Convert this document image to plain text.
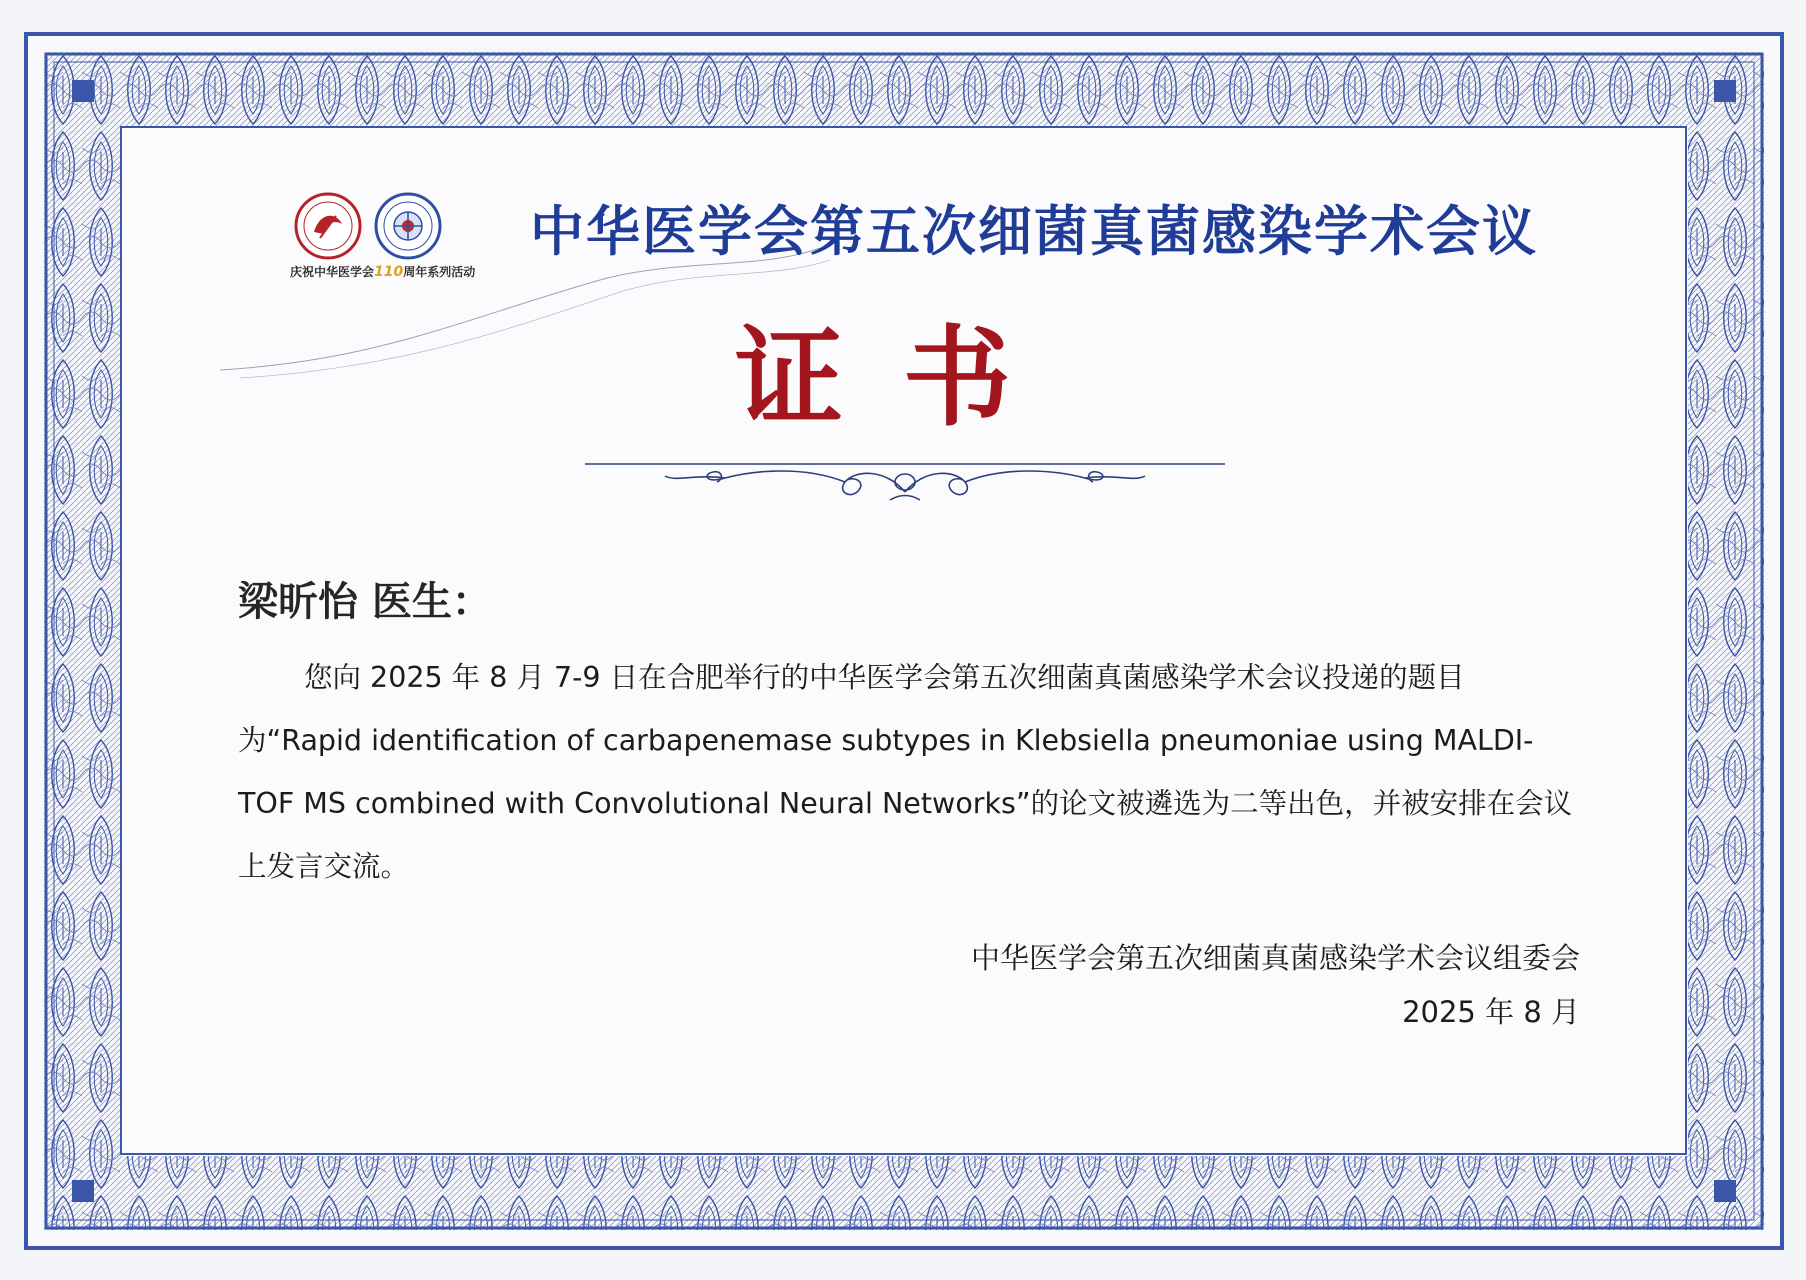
庆祝中华医学会110周年系列活动
中华医学会第五次细菌真菌感染学术会议
证书
梁昕怡 医生：
您向 2025 年 8 月 7-9 日在合肥举行的中华医学会第五次细菌真菌感染学术会议投递的题目为“Rapid identification of carbapenemase subtypes in Klebsiella pneumoniae using MALDI-TOF MS combined with Convolutional Neural Networks”的论文被遴选为二等出色，并被安排在会议上发言交流。
中华医学会第五次细菌真菌感染学术会议组委会
2025 年 8 月
